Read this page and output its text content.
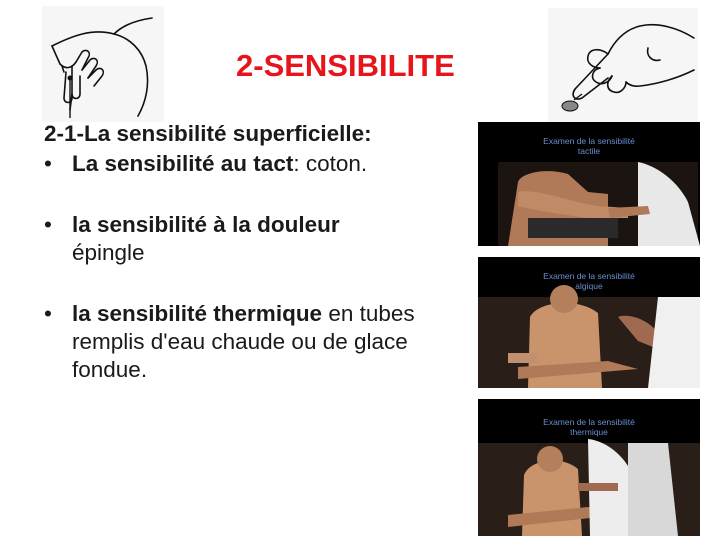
2-SENSIBILITE
2-1-La sensibilité superficielle:
• La sensibilité au tact: coton.
• la sensibilité à la douleur
épingle
• la sensibilité thermique en tubes remplis d'eau chaude ou de glace fondue.
Examen de la sensibilité
tactile
Examen de la sensibilité
algique
Examen de la sensibilité
thermique
